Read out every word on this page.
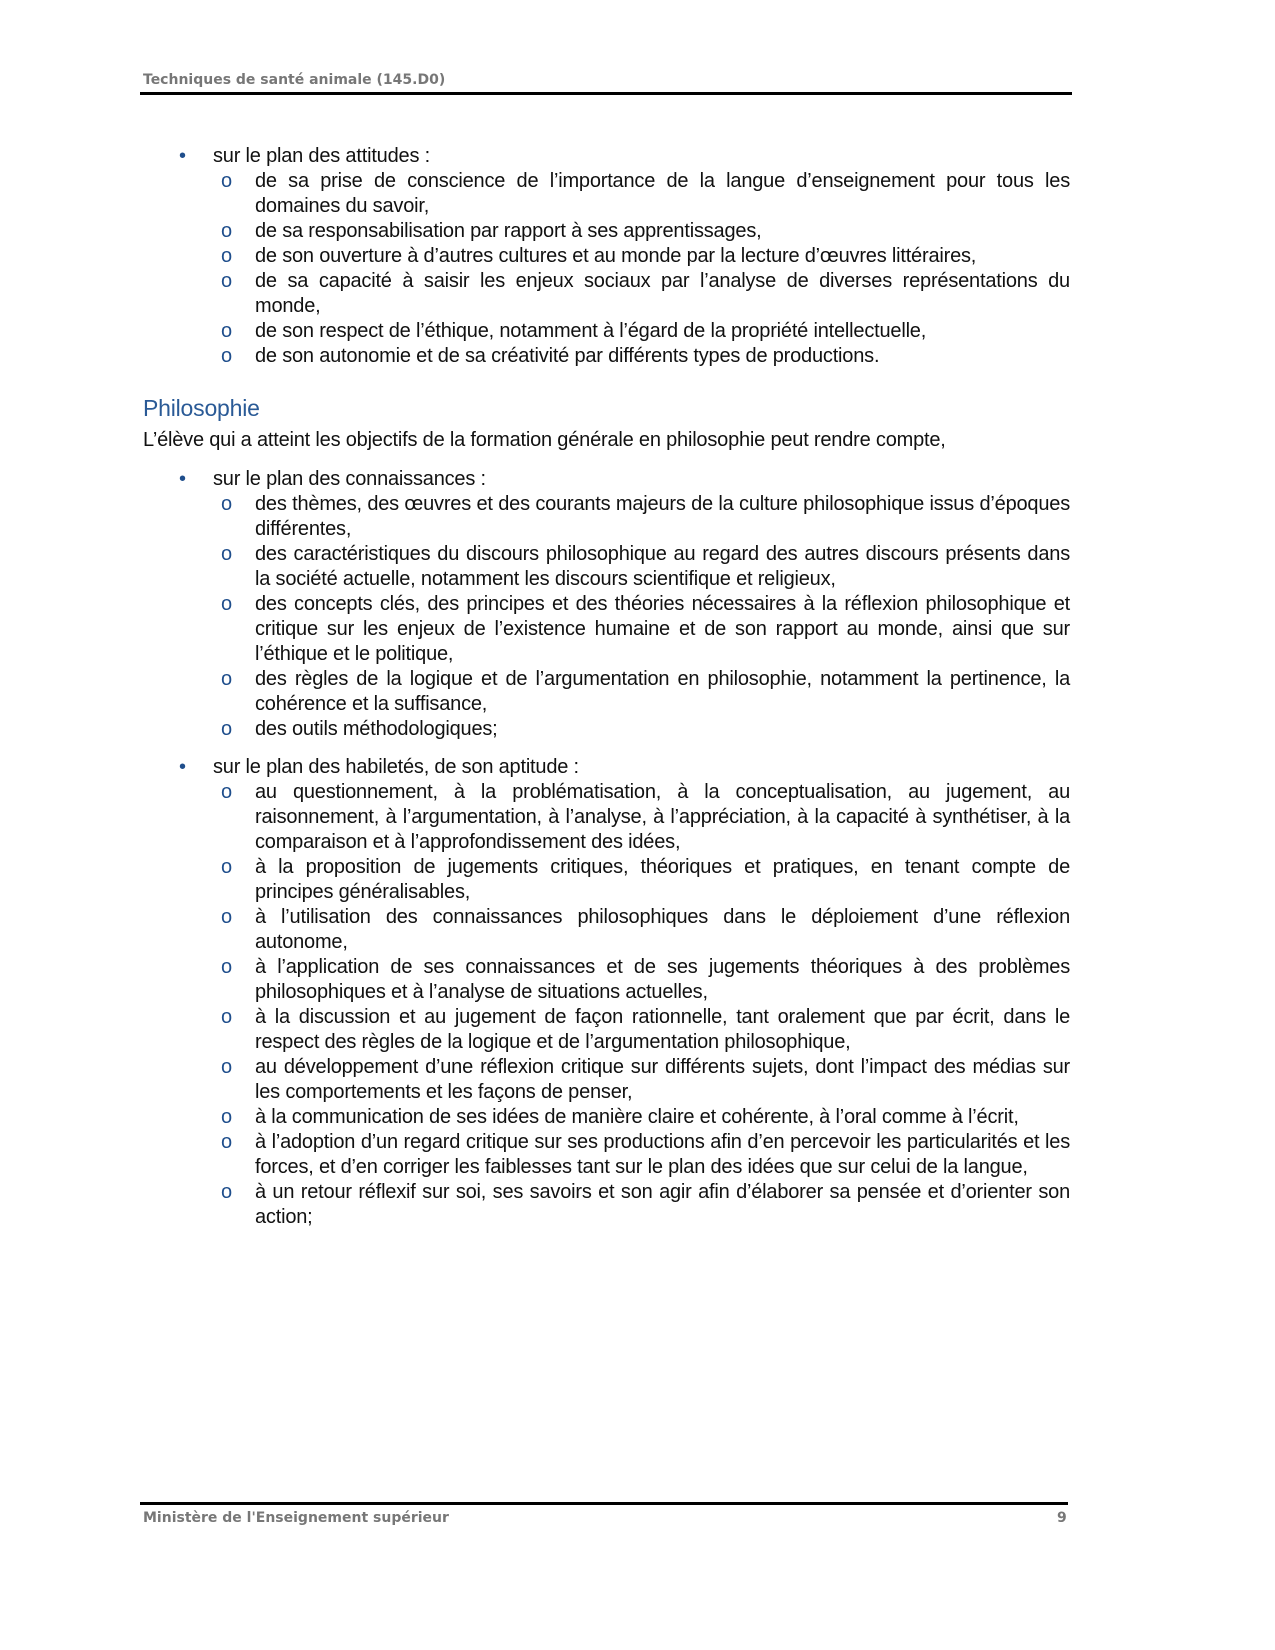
Techniques de santé animale (145.D0)
• sur le plan des attitudes :
o de sa prise de conscience de l’importance de la langue d’enseignement pour tous les domaines du savoir,
o de sa responsabilisation par rapport à ses apprentissages,
o de son ouverture à d’autres cultures et au monde par la lecture d’œuvres littéraires,
o de sa capacité à saisir les enjeux sociaux par l’analyse de diverses représentations du monde,
o de son respect de l’éthique, notamment à l’égard de la propriété intellectuelle,
o de son autonomie et de sa créativité par différents types de productions.
Philosophie

L’élève qui a atteint les objectifs de la formation générale en philosophie peut rendre compte,

• sur le plan des connaissances :
o des thèmes, des œuvres et des courants majeurs de la culture philosophique issus d’époques différentes,
o des caractéristiques du discours philosophique au regard des autres discours présents dans la société actuelle, notamment les discours scientifique et religieux,
o des concepts clés, des principes et des théories nécessaires à la réflexion philosophique et critique sur les enjeux de l’existence humaine et de son rapport au monde, ainsi que sur l’éthique et le politique,
o des règles de la logique et de l’argumentation en philosophie, notamment la pertinence, la cohérence et la suffisance,
o des outils méthodologiques;
• sur le plan des habiletés, de son aptitude :
o au questionnement, à la problématisation, à la conceptualisation, au jugement, au raisonnement, à l’argumentation, à l’analyse, à l’appréciation, à la capacité à synthétiser, à la comparaison et à l’approfondissement des idées,
o à la proposition de jugements critiques, théoriques et pratiques, en tenant compte de principes généralisables,
o à l’utilisation des connaissances philosophiques dans le déploiement d’une réflexion autonome,
o à l’application de ses connaissances et de ses jugements théoriques à des problèmes philosophiques et à l’analyse de situations actuelles,
o à la discussion et au jugement de façon rationnelle, tant oralement que par écrit, dans le respect des règles de la logique et de l’argumentation philosophique,
o au développement d’une réflexion critique sur différents sujets, dont l’impact des médias sur les comportements et les façons de penser,
o à la communication de ses idées de manière claire et cohérente, à l’oral comme à l’écrit,
o à l’adoption d’un regard critique sur ses productions afin d’en percevoir les particularités et les forces, et d’en corriger les faiblesses tant sur le plan des idées que sur celui de la langue,
o à un retour réflexif sur soi, ses savoirs et son agir afin d’élaborer sa pensée et d’orienter son action;
Ministère de l'Enseignement supérieur	9
